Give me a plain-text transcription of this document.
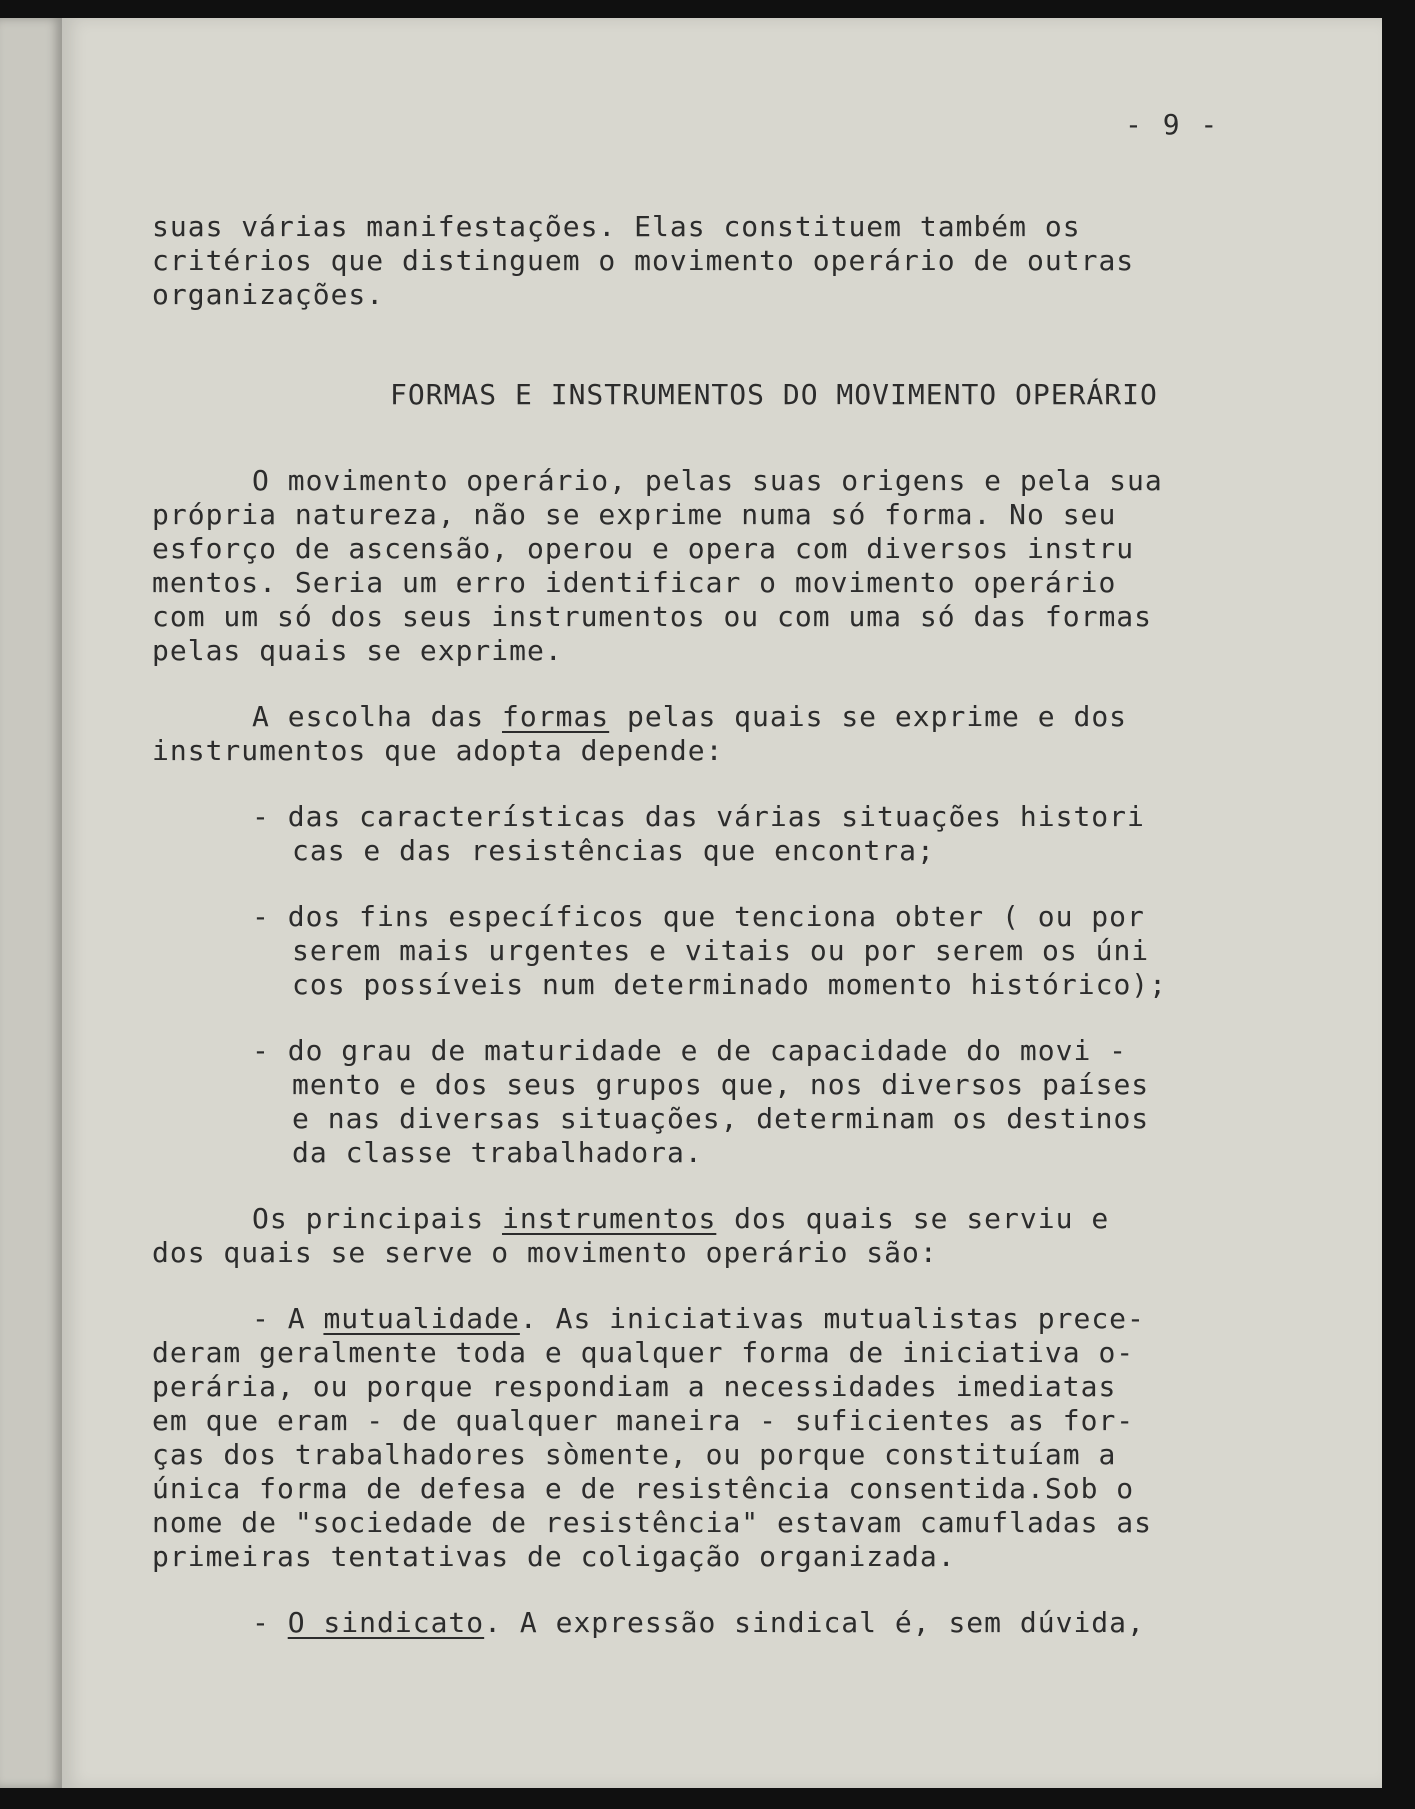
- 9 -
suas várias manifestações. Elas constituem também os
critérios que distinguem o movimento operário de outras
organizações.
FORMAS E INSTRUMENTOS DO MOVIMENTO OPERÁRIO
O movimento operário, pelas suas origens e pela sua
própria natureza, não se exprime numa só forma. No seu
esforço de ascensão, operou e opera com diversos instru
mentos. Seria um erro identificar o movimento operário
com um só dos seus instrumentos ou com uma só das formas
pelas quais se exprime.
A escolha das formas pelas quais se exprime e dos
instrumentos que adopta depende:
- das características das várias situações histori
cas e das resistências que encontra;
- dos fins específicos que tenciona obter ( ou por
serem mais urgentes e vitais ou por serem os úni
cos possíveis num determinado momento histórico);
- do grau de maturidade e de capacidade do movi -
mento e dos seus grupos que, nos diversos países
e nas diversas situações, determinam os destinos
da classe trabalhadora.
Os principais instrumentos dos quais se serviu e
dos quais se serve o movimento operário são:
- A mutualidade. As iniciativas mutualistas prece-
deram geralmente toda e qualquer forma de iniciativa o-
perária, ou porque respondiam a necessidades imediatas
em que eram - de qualquer maneira - suficientes as for-
ças dos trabalhadores sòmente, ou porque constituíam a
única forma de defesa e de resistência consentida.Sob o
nome de "sociedade de resistência" estavam camufladas as
primeiras tentativas de coligação organizada.
- O sindicato. A expressão sindical é, sem dúvida,
